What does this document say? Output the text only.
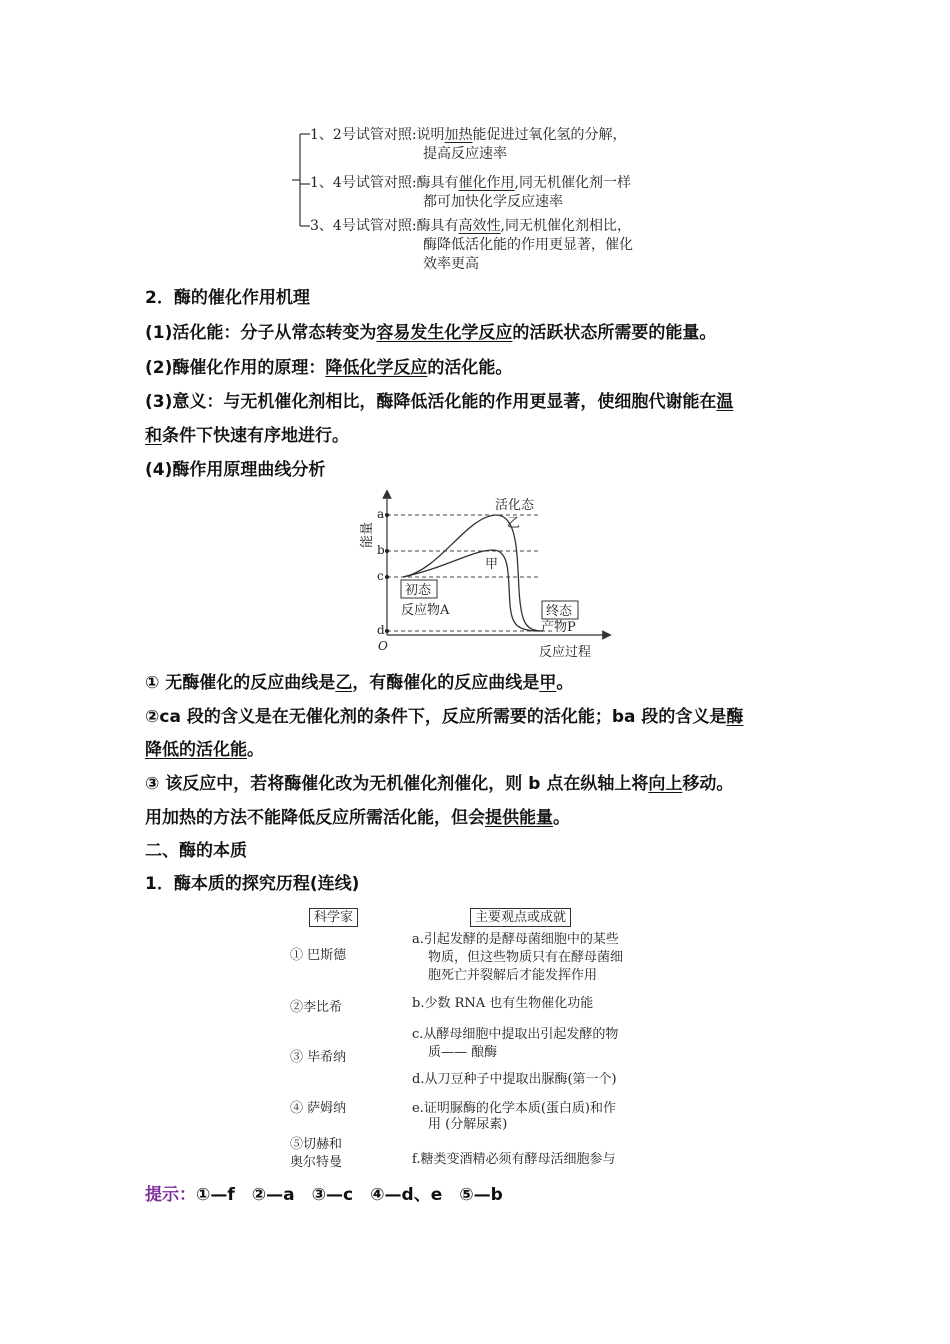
1、2号试管对照:说明加热能促进过氧化氢的分解，
提高反应速率
1、4号试管对照:酶具有催化作用,同无机催化剂一样
都可加快化学反应速率
3、4号试管对照:酶具有高效性,同无机催化剂相比，
酶降低活化能的作用更显著，催化
效率更高
2．酶的催化作用机理
(1)活化能：分子从常态转变为容易发生化学反应的活跃状态所需要的能量。
(2)酶催化作用的原理：降低化学反应的活化能。
(3)意义：与无机催化剂相比，酶降低活化能的作用更显著，使细胞代谢能在温
和条件下快速有序地进行。
(4)酶作用原理曲线分析
能量
a
b
c
d
O
活化态
乙
甲
初态
反应物A	终态
产物P
反应过程
① 无酶催化的反应曲线是乙，有酶催化的反应曲线是甲。
②ca 段的含义是在无催化剂的条件下，反应所需要的活化能；ba 段的含义是酶
降低的活化能。
③ 该反应中，若将酶催化改为无机催化剂催化，则 b 点在纵轴上将向上移动。
用加热的方法不能降低反应所需活化能，但会提供能量。
二、酶的本质
1．酶本质的探究历程(连线)
科学家	主要观点或成就
① 巴斯德
②李比希
③ 毕希纳
④ 萨姆纳
⑤切赫和
奥尔特曼
a.引起发酵的是酵母菌细胞中的某些
物质，但这些物质只有在酵母菌细
胞死亡并裂解后才能发挥作用
b.少数 RNA 也有生物催化功能
c.从酵母细胞中提取出引起发酵的物
质—— 酿酶
d.从刀豆种子中提取出脲酶(第一个)
e.证明脲酶的化学本质(蛋白质)和作
用 (分解尿素)
f.糖类变酒精必须有酵母活细胞参与
提示：①—f　②—a　③—c　④—d、e　⑤—b
